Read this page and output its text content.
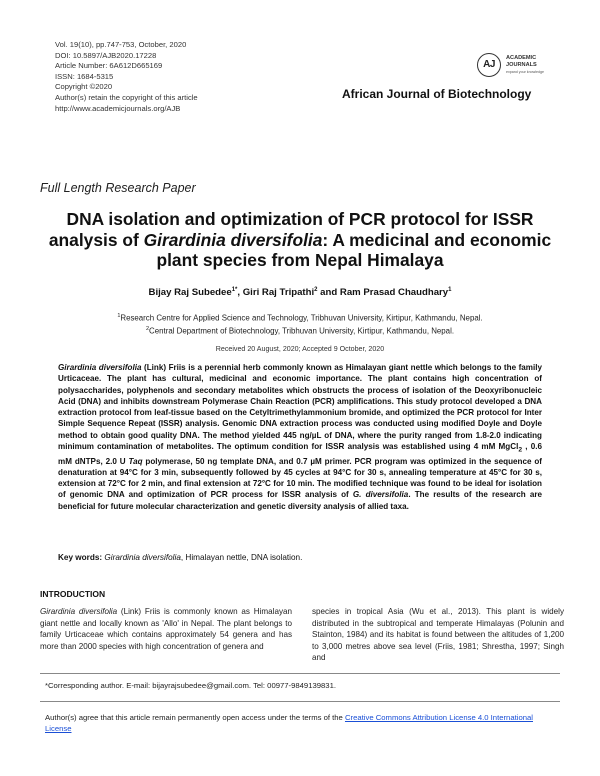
Vol. 19(10), pp.747-753, October, 2020
DOI: 10.5897/AJB2020.17228
Article Number: 6A612D665169
ISSN: 1684-5315
Copyright ©2020
Author(s) retain the copyright of this article
http://www.academicjournals.org/AJB
AJ
ACADEMIC
JOURNALS
expand your knowledge
African Journal of Biotechnology
Full Length Research Paper
DNA isolation and optimization of PCR protocol for ISSR analysis of Girardinia diversifolia: A medicinal and economic plant species from Nepal Himalaya
Bijay Raj Subedee$^{1*}$, Giri Raj Tripathi$^2$ and Ram Prasad Chaudhary$^1$
$^1$Research Centre for Applied Science and Technology, Tribhuvan University, Kirtipur, Kathmandu, Nepal.
$^2$Central Department of Biotechnology, Tribhuvan University, Kirtipur, Kathmandu, Nepal.
Received 20 August, 2020; Accepted 9 October, 2020
Girardinia diversifolia (Link) Friis is a perennial herb commonly known as Himalayan giant nettle which belongs to the family Urticaceae. The plant has cultural, medicinal and economic importance. The plant contains high concentration of polysaccharides, polyphenols and secondary metabolites which obstructs the process of isolation of the Deoxyribonucleic Acid (DNA) and inhibits downstream Polymerase Chain Reaction (PCR) amplifications. This study protocol developed a DNA extraction protocol from leaf-tissue based on the Cetyltrimethylammonium bromide, and optimized the PCR protocol for Inter Simple Sequence Repeat (ISSR) analysis. Genomic DNA extraction process was conducted using modified Doyle and Doyle method to obtain good quality DNA. The method yielded 445 ng/µL of DNA, where the purity ranged from 1.8-2.0 indicating minimum contamination of metabolites. The optimum condition for ISSR analysis was established using 4 mM MgCl$_2$ , 0.6 mM dNTPs, 2.0 U Taq polymerase, 50 ng template DNA, and 0.7 µM primer. PCR program was optimized in the sequence of denaturation at 94°C for 3 min, subsequently followed by 45 cycles at 94°C for 30 s, annealing temperature at 45°C for 30 s, extension at 72°C for 2 min, and final extension at 72°C for 10 min. The modified technique was found to be ideal for isolation of genomic DNA and optimization of PCR process for ISSR analysis of G. diversifolia. The results of the research are beneficial for future molecular characterization and genetic diversity analysis of allied taxa.
Key words: Girardinia diversifolia, Himalayan nettle, DNA isolation.
INTRODUCTION
Girardinia diversifolia (Link) Friis is commonly known as Himalayan giant nettle and locally known as 'Allo' in Nepal. The plant belongs to family Urticaceae which contains approximately 54 genera and has more than 2000 species with high concentration of genera and
species in tropical Asia (Wu et al., 2013). This plant is widely distributed in the subtropical and temperate Himalayas (Polunin and Stainton, 1984) and its habitat is found between the altitudes of 1,200 to 3,000 metres above sea level (Friis, 1981; Shrestha, 1997; Singh and
*Corresponding author. E-mail: bijayrajsubedee@gmail.com. Tel: 00977-9849139831.
Author(s) agree that this article remain permanently open access under the terms of the Creative Commons Attribution License 4.0 International License
